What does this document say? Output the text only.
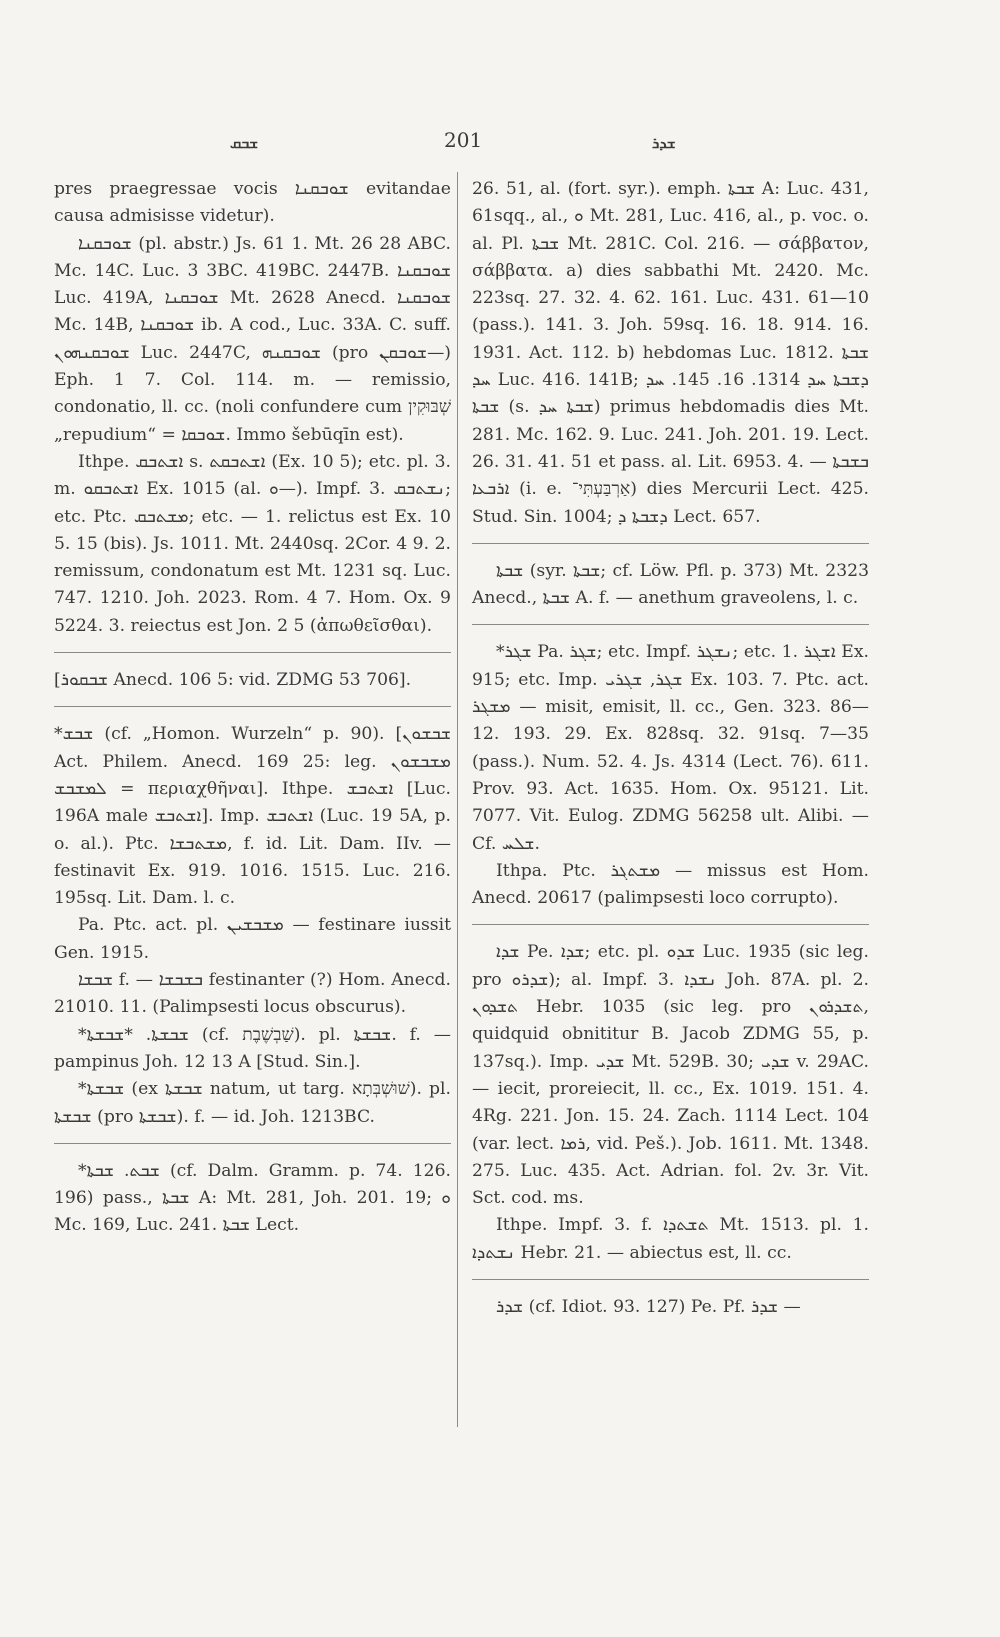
ܫܒܩ	201	ܫܕܪ
pres praegressae vocis ܫܘܒܩܢܐ evitandae causa admisisse videtur).
ܫܘܒܩܢܐ (pl. abstr.) Js. 61 1. Mt. 26 28 ABC. Mc. 14C. Luc. 3 3BC. 419BC. 2447B. ܫܘܒܩܢܐ Luc. 419A, ܫܘܒܩܢܐ Mt. 2628 Anecd. ܫܘܒܩܢܐ Mc. 14B, ܫܘܒܩܢܐ ib. A cod., Luc. 33A. C. suff. ܫܘܒܩܢܗܘܢ Luc. 2447C, ܫܘܒܩܢܗ (pro ܫܘܒܩܢ—) Eph. 1 7. Col. 114. m. — remissio, condonatio, ll. cc. (noli confundere cum שְׁבּוּקִין „repudium“ = ܫܘܒܩܐ. Immo šebūqīn est).
Ithpe. ܐܫܬܒܩ s. ܐܫܬܒܩܬ (Ex. 10 5); etc. pl. 3. m. ܐܫܬܒܩܘ Ex. 1015 (al. ܘ—). Impf. 3. ܢܫܬܒܩ; etc. Ptc. ܡܫܬܒܩ; etc. — 1. relictus est Ex. 10 5. 15 (bis). Js. 1011. Mt. 2440sq. 2Cor. 4 9. 2. remissum, condonatum est Mt. 1231 sq. Luc. 747. 1210. Joh. 2023. Rom. 4 7. Hom. Ox. 9 5224. 3. reiectus est Jon. 2 5 (ἀπωθεῖσθαι).
[ܫܒܩܘܪ Anecd. 106 5: vid. ZDMG 53 706].
*ܫܒܫ (cf. „Homon. Wurzeln“ p. 90). [ܫܒܫܘܢ Act. Philem. Anecd. 169 25: leg. ܡܫܒܫܘܢ ܠܡܫܒܫ = περιαχθῆναι]. Ithpe. ܐܫܬܒܫ [Luc. 196A male ܐܫܬܒܫ]. Imp. ܐܫܬܒܫ (Luc. 19 5A, p. o. al.). Ptc. ܡܫܬܒܫܐ, f. id. Lit. Dam. IIv. — festinavit Ex. 919. 1016. 1515. Luc. 216. 195sq. Lit. Dam. l. c.
Pa. Ptc. act. pl. ܡܫܒܫܝܢ — festinare iussit Gen. 1915.
ܫܒܫܐ f. — ܒܫܒܫܐ festinanter (?) Hom. Anecd. 21010. 11. (Palimpsesti locus obscurus).
*ܫܒܫܬܐ. *ܫܒܫܬܐ (cf. שַׁבְשֶׁבֶת). pl. ܫܒܫܬܐ. f. — pampinus Joh. 12 13 A [Stud. Sin.].
*ܫܒܫܬܐ (ex ܫܒܫܬܐ natum, ut targ. שׁוּשְׁבְּתָא). pl. ܫܒܫܬܐ (pro ܫܒܫܬܐ). f. — id. Joh. 1213BC.
*ܫܒܬ. ܫܒܬܐ (cf. Dalm. Gramm. p. 74. 126. 196) pass., ܫܒܬܐ A: Mt. 281, Joh. 201. 19; ܘ Mc. 169, Luc. 241. ܫܒܬܐ Lect.
26. 51, al. (fort. syr.). emph. ܫܒܬܐ A: Luc. 431, 61sqq., al., ܘ Mt. 281, Luc. 416, al., p. voc. o. al. Pl. ܫܒܬܐ Mt. 281C. Col. 216. — σάββατον, σάββατα. a) dies sabbathi Mt. 2420. Mc. 223sq. 27. 32. 4. 62. 161. Luc. 431. 61—10 (pass.). 141. 3. Joh. 59sq. 16. 18. 914. 16. 1931. Act. 112. b) hebdomas Luc. 1812. ܫܒܬܐ ܚܕ Luc. 416. 141B; ܕܫܒܬܐ ܚܕ 1314. 16. 145. ܚܕ ܫܒܬܐ (s. ܫܒܬܐ ܚܕ) primus hebdomadis dies Mt. 281. Mc. 162. 9. Luc. 241. Joh. 201. 19. Lect. 26. 31. 41. 51 et pass. al. Lit. 6953. 4. — ܒܫܒܬܐ ܐܪܒܥܐ (i. e. אַרְבַּעְתִּי־) dies Mercurii Lect. 425. Stud. Sin. 1004; ܕܫܒܬܐ ܕ Lect. 657.
ܫܒܬܐ (syr. ܫܒܬܐ; cf. Löw. Pfl. p. 373) Mt. 2323 Anecd., ܫܒܬܐ A. f. — anethum graveolens, l. c.
*ܫܓܪ Pa. ܫܓܪ; etc. Impf. ܢܫܓܪ; etc. 1. ܐܫܓܪ Ex. 915; etc. Imp. ܫܓܪ, ܫܓܪܝ Ex. 103. 7. Ptc. act. ܡܫܓܪ — misit, emisit, ll. cc., Gen. 323. 86—12. 193. 29. Ex. 828sq. 32. 91sq. 7—35 (pass.). Num. 52. 4. Js. 4314 (Lect. 76). 611. Prov. 93. Act. 1635. Hom. Ox. 95121. Lit. 7077. Vit. Eulog. ZDMG 56258 ult. Alibi. — Cf. ܫܠܚ.
Ithpa. Ptc. ܡܫܬܓܪ — missus est Hom. Anecd. 20617 (palimpsesti loco corrupto).
ܫܕܐ Pe. ܫܕܐ; etc. pl. ܫܕܘ Luc. 1935 (sic leg. pro ܫܕܪܘ); al. Impf. 3. ܢܫܕܐ Joh. 87A. pl. 2. ܬܫܕܘܢ Hebr. 1035 (sic leg. pro ܬܫܕܪܘܢ, quidquid obnititur B. Jacob ZDMG 55, p. 137sq.). Imp. ܫܕܝ Mt. 529B. 30; ܫܕܝ v. 29AC. — iecit, proreiecit, ll. cc., Ex. 1019. 151. 4. 4Rg. 221. Jon. 15. 24. Zach. 1114 Lect. 104 (var. lect. ܪܡܐ, vid. Peš.). Job. 1611. Mt. 1348. 275. Luc. 435. Act. Adrian. fol. 2v. 3r. Vit. Sct. cod. ms.
Ithpe. Impf. 3. f. ܬܫܬܕܐ Mt. 1513. pl. 1. ܢܫܬܕܐ Hebr. 21. — abiectus est, ll. cc.
ܫܕܪ (cf. Idiot. 93. 127) Pe. Pf. ܫܕܪ —
